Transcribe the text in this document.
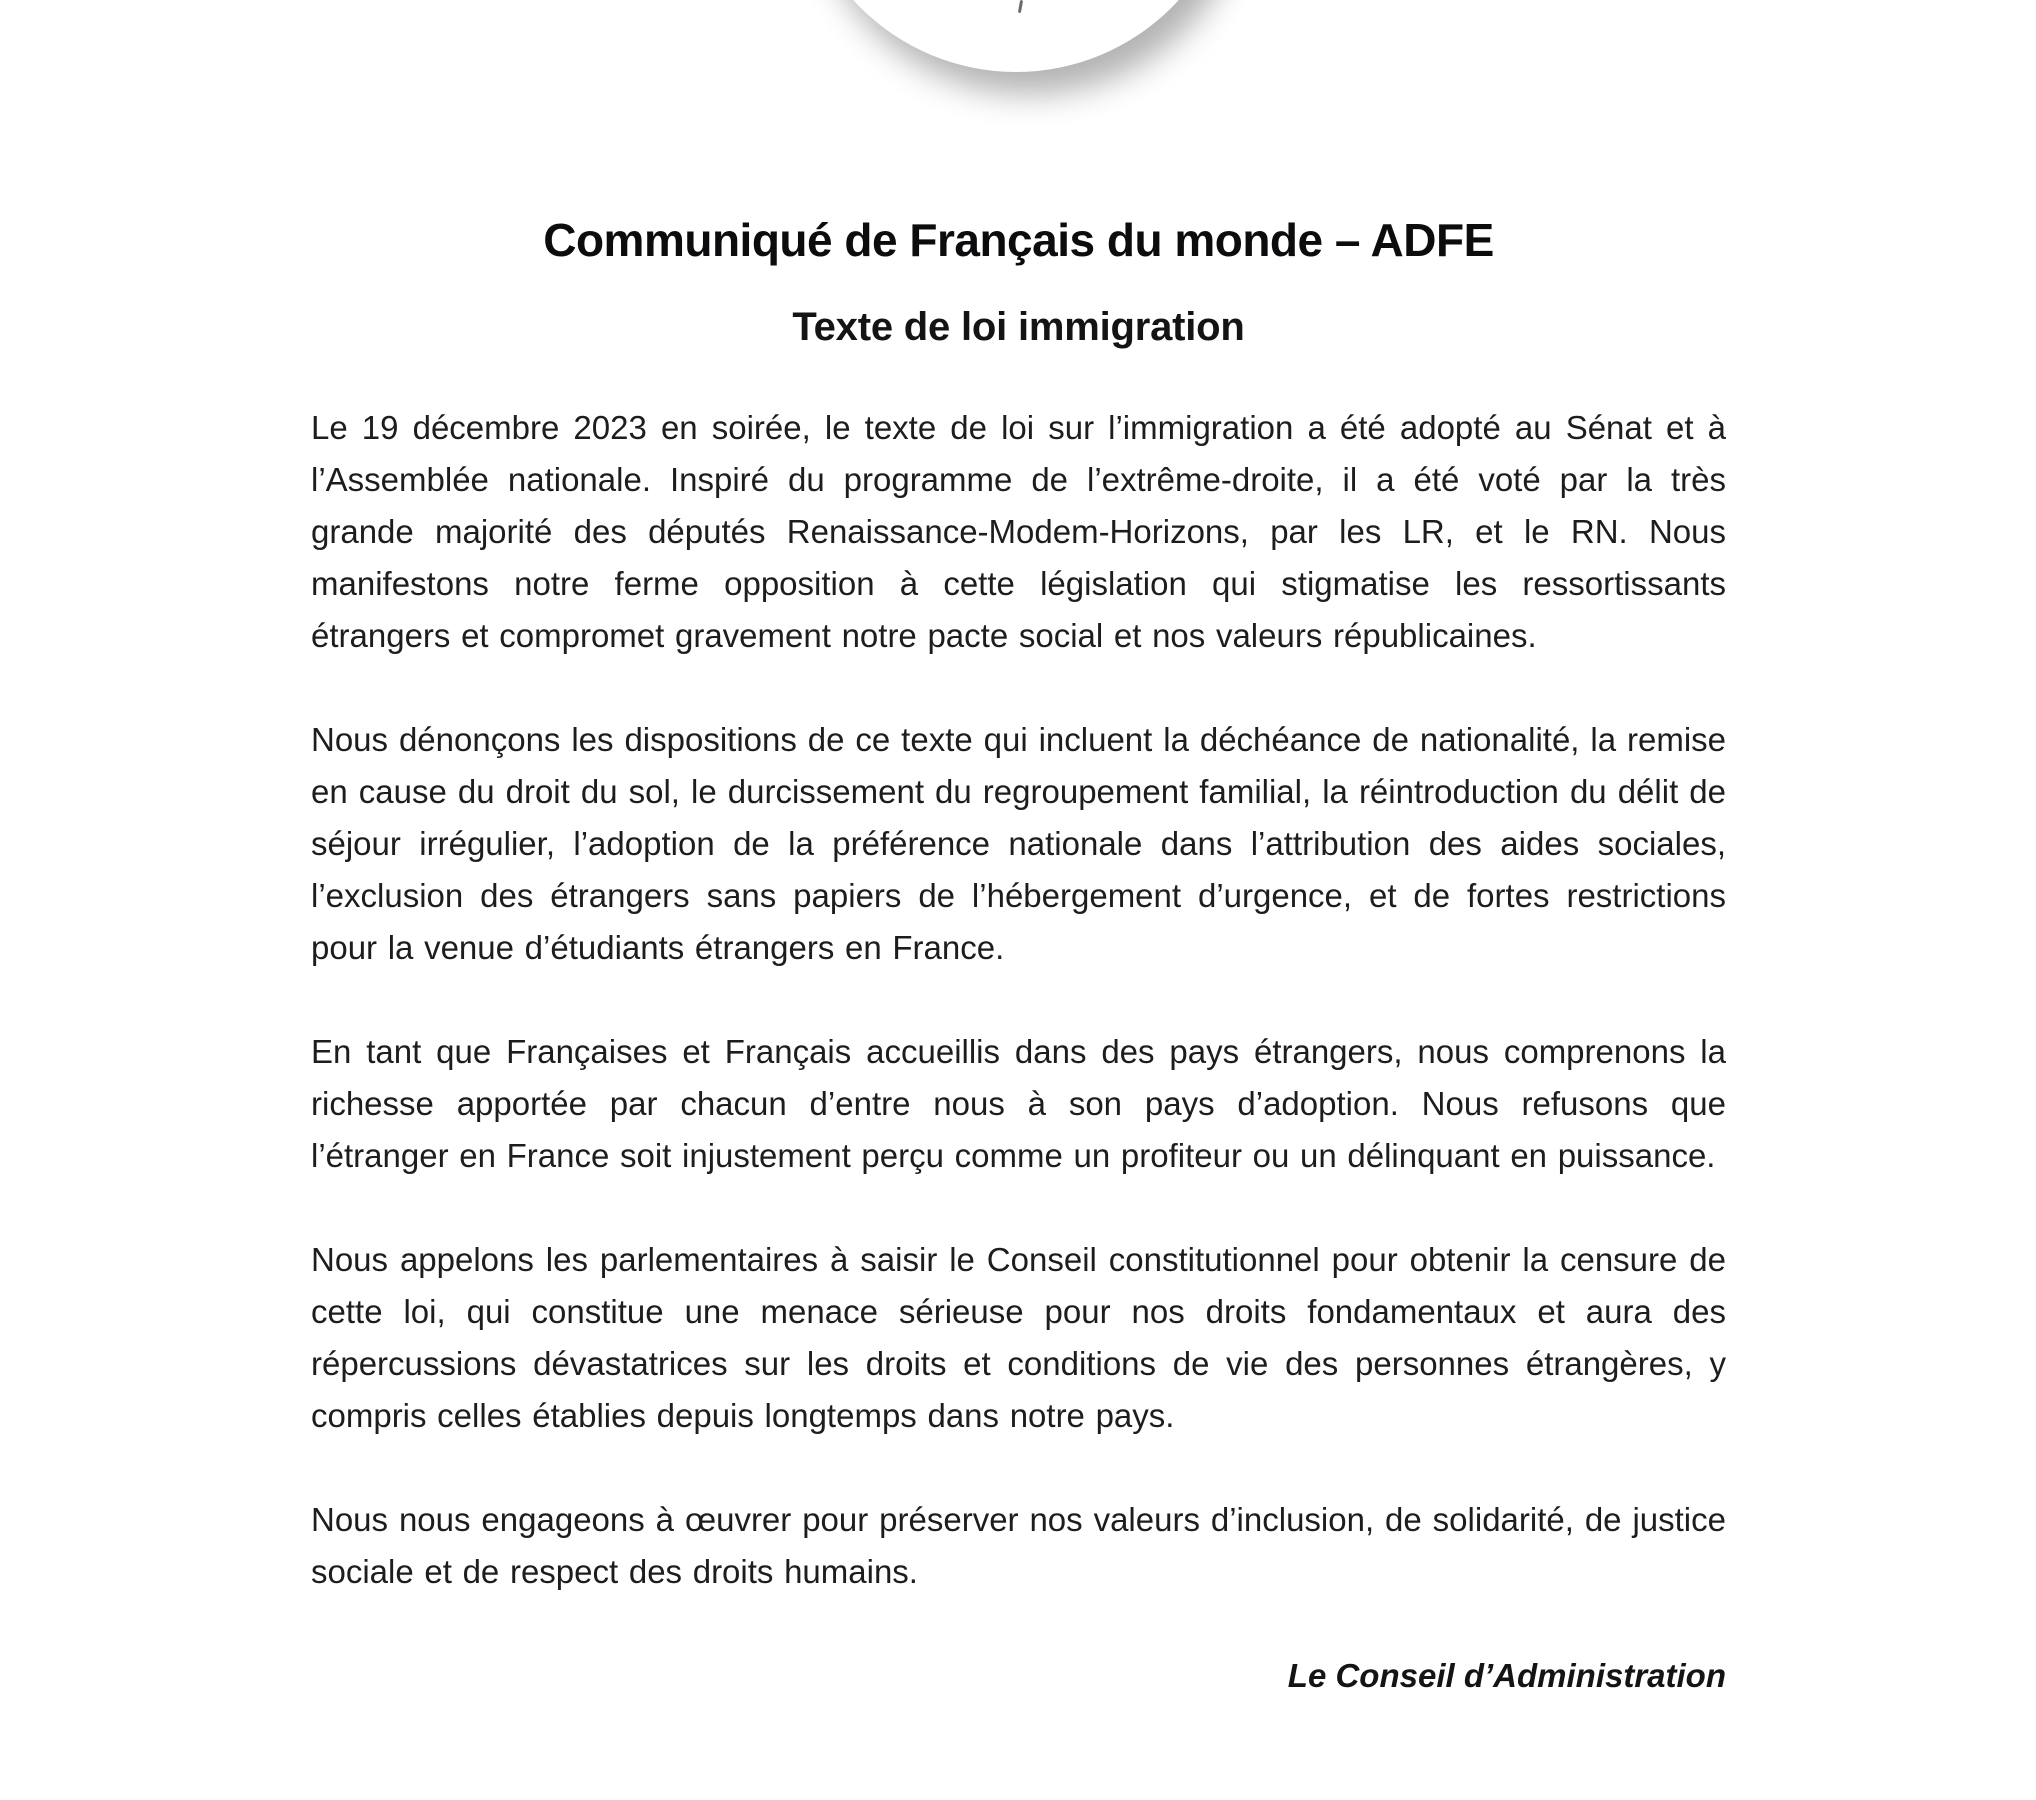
Communiqué de Français du monde – ADFE
Texte de loi immigration

Le 19 décembre 2023 en soirée, le texte de loi sur l’immigration a été adopté au Sénat et à l’Assemblée nationale. Inspiré du programme de l’extrême-droite, il a été voté par la très grande majorité des députés Renaissance-Modem-Horizons, par les LR, et le RN. Nous manifestons notre ferme opposition à cette législation qui stigmatise les ressortissants étrangers et compromet gravement notre pacte social et nos valeurs républicaines.

Nous dénonçons les dispositions de ce texte qui incluent la déchéance de nationalité, la remise en cause du droit du sol, le durcissement du regroupement familial, la réintroduction du délit de séjour irrégulier, l’adoption de la préférence nationale dans l’attribution des aides sociales, l’exclusion des étrangers sans papiers de l’hébergement d’urgence, et de fortes restrictions pour la venue d’étudiants étrangers en France.

En tant que Françaises et Français accueillis dans des pays étrangers, nous comprenons la richesse apportée par chacun d’entre nous à son pays d’adoption. Nous refusons que l’étranger en France soit injustement perçu comme un profiteur ou un délinquant en puissance.

Nous appelons les parlementaires à saisir le Conseil constitutionnel pour obtenir la censure de cette loi, qui constitue une menace sérieuse pour nos droits fondamentaux et aura des répercussions dévastatrices sur les droits et conditions de vie des personnes étrangères, y compris celles établies depuis longtemps dans notre pays.

Nous nous engageons à œuvrer pour préserver nos valeurs d’inclusion, de solidarité, de justice sociale et de respect des droits humains.

Le Conseil d’Administration
